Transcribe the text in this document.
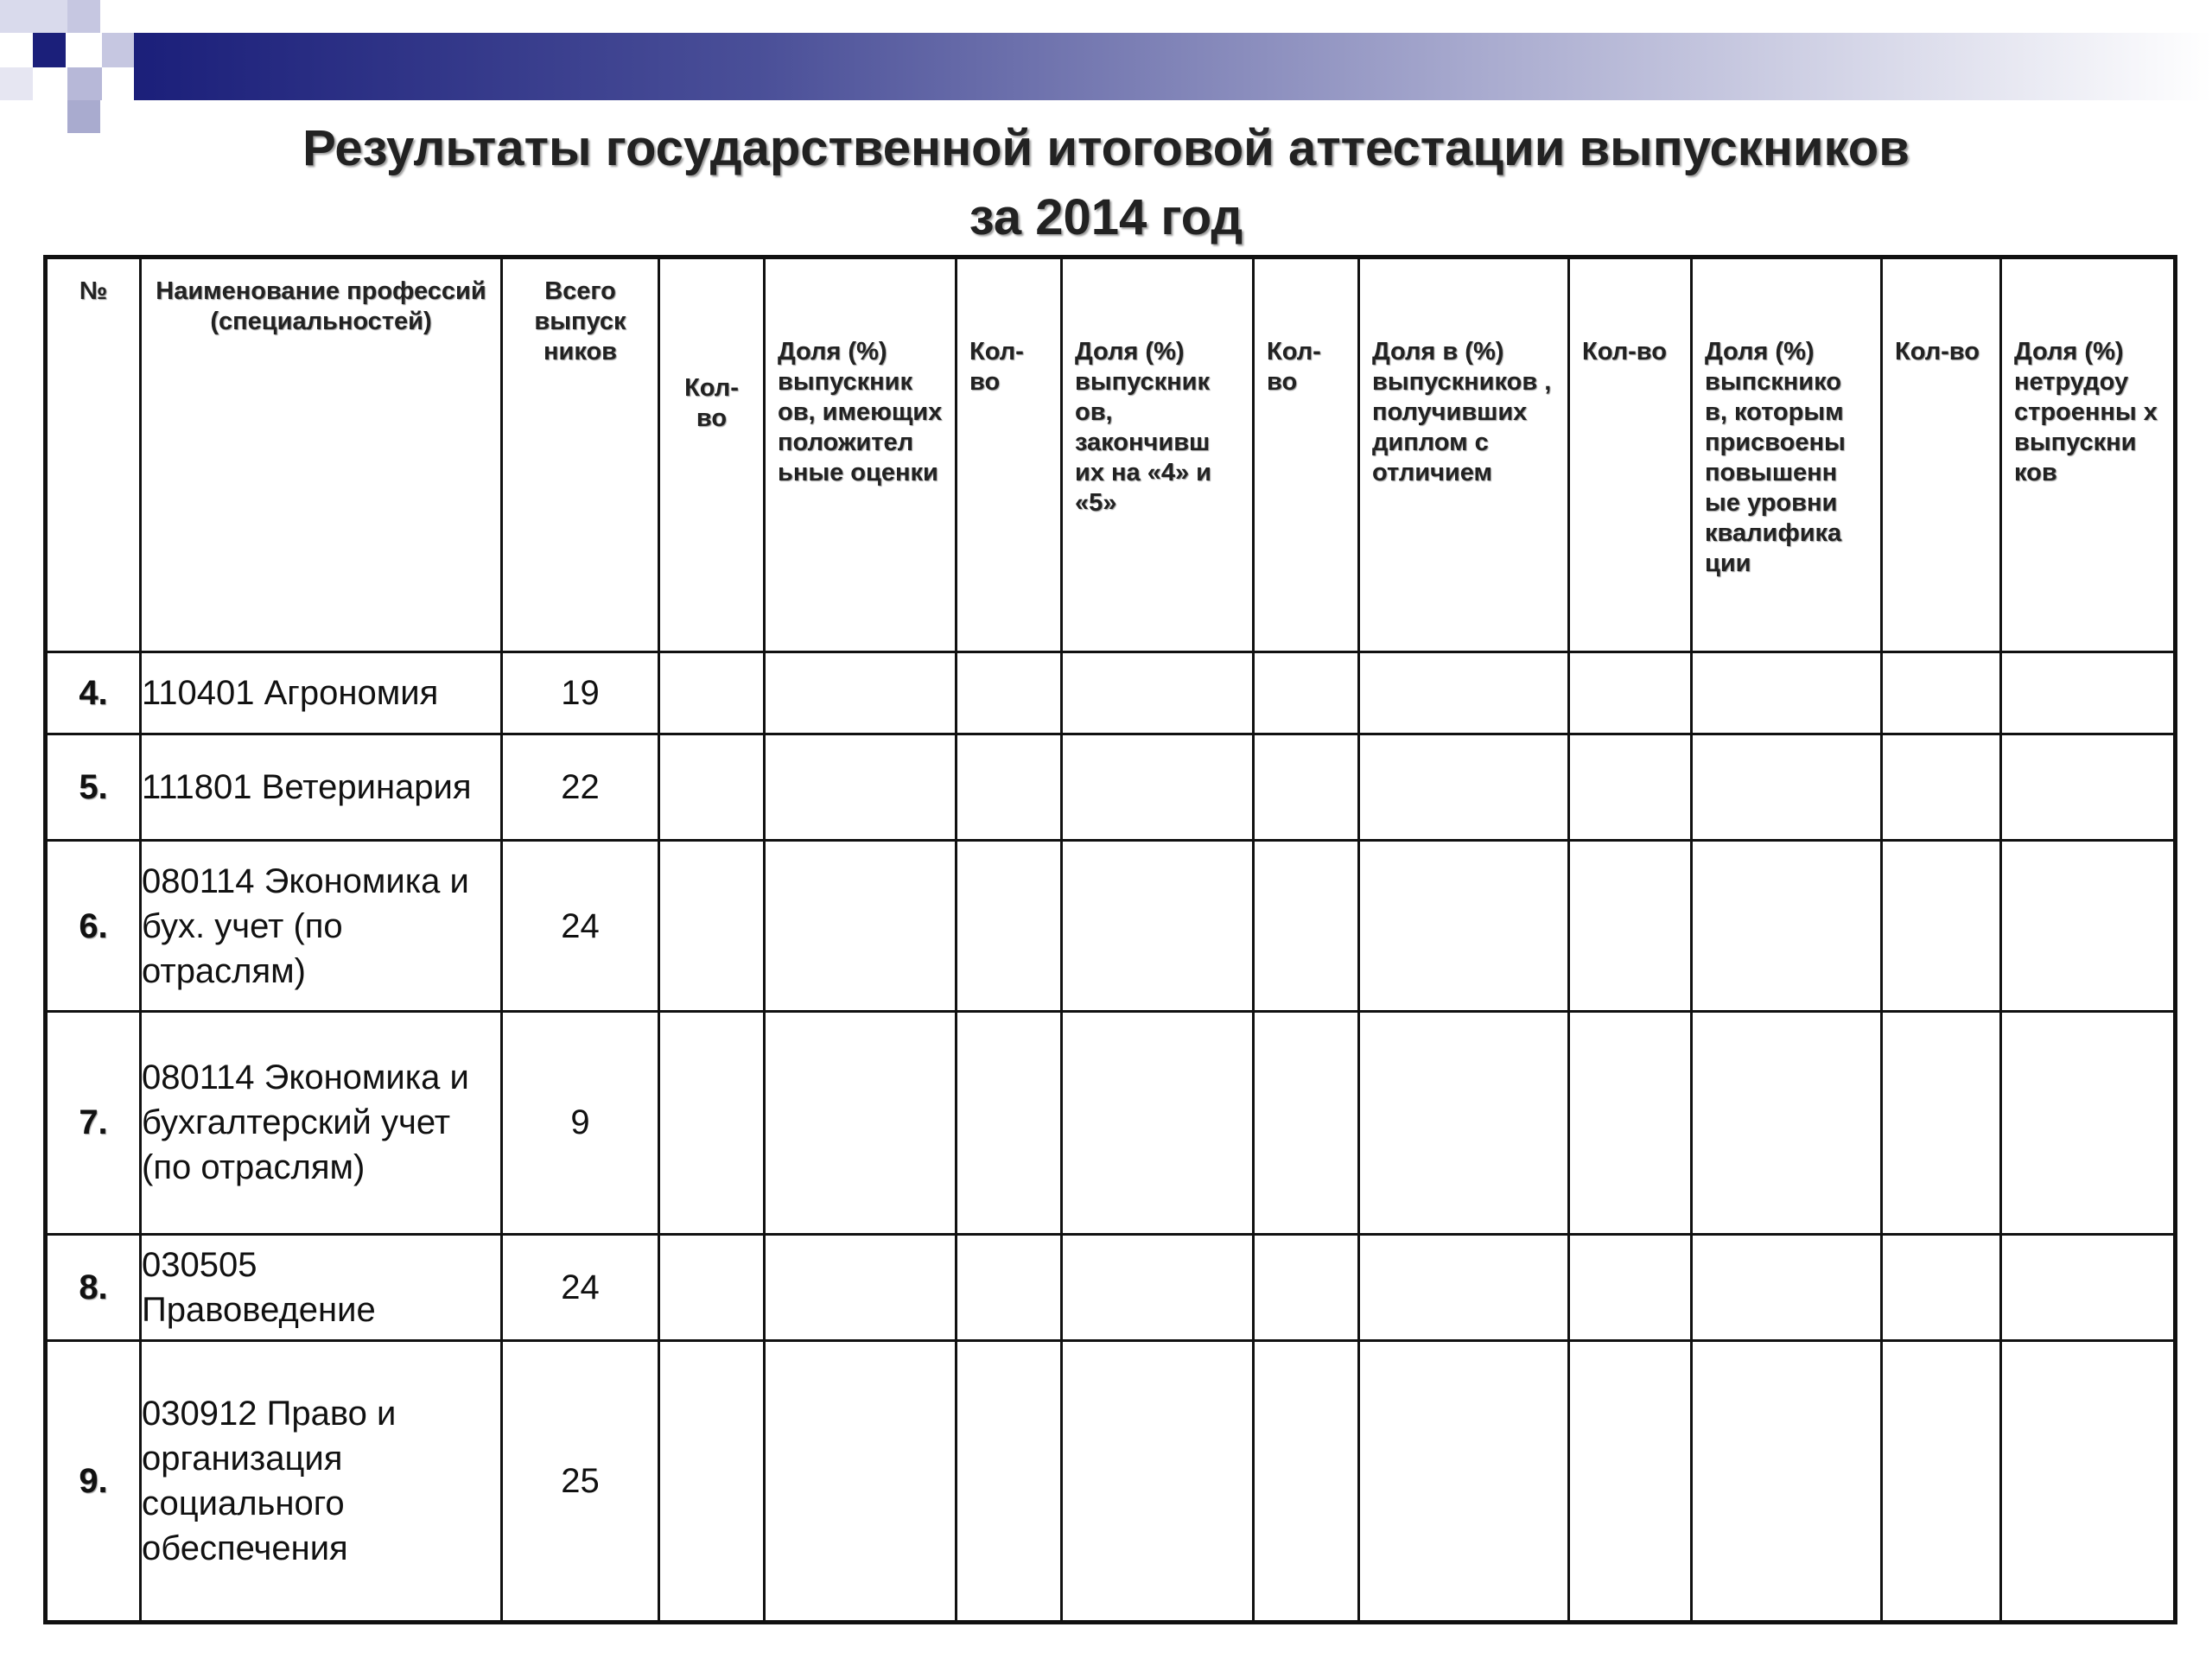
Результаты государственной итоговой аттестации выпускников
за 2014 год
№	Наименование профессий (специальностей)	Всего выпуск ников	Кол-во	Доля (%) выпускник ов, имеющих положител ьные оценки	Кол-во	Доля (%) выпускник ов, закончивш их на «4» и «5»	Кол-во	Доля в (%) выпускников , получивших диплом с отличием	Кол-во	Доля (%) выпскнико в, которым присвоены повышенн ые уровни квалифика ции	Кол-во	Доля (%) нетрудоу строенны х выпускни ков

4.	110401 Агрономия	19										
5.	111801 Ветеринария	22										
6.	080114 Экономика и бух. учет (по отраслям)	24										
7.	080114 Экономика и бухгалтерский учет (по отраслям)	9										
8.	030505 Правоведение	24										
9.	030912 Право и организация социального обеспечения	25										
